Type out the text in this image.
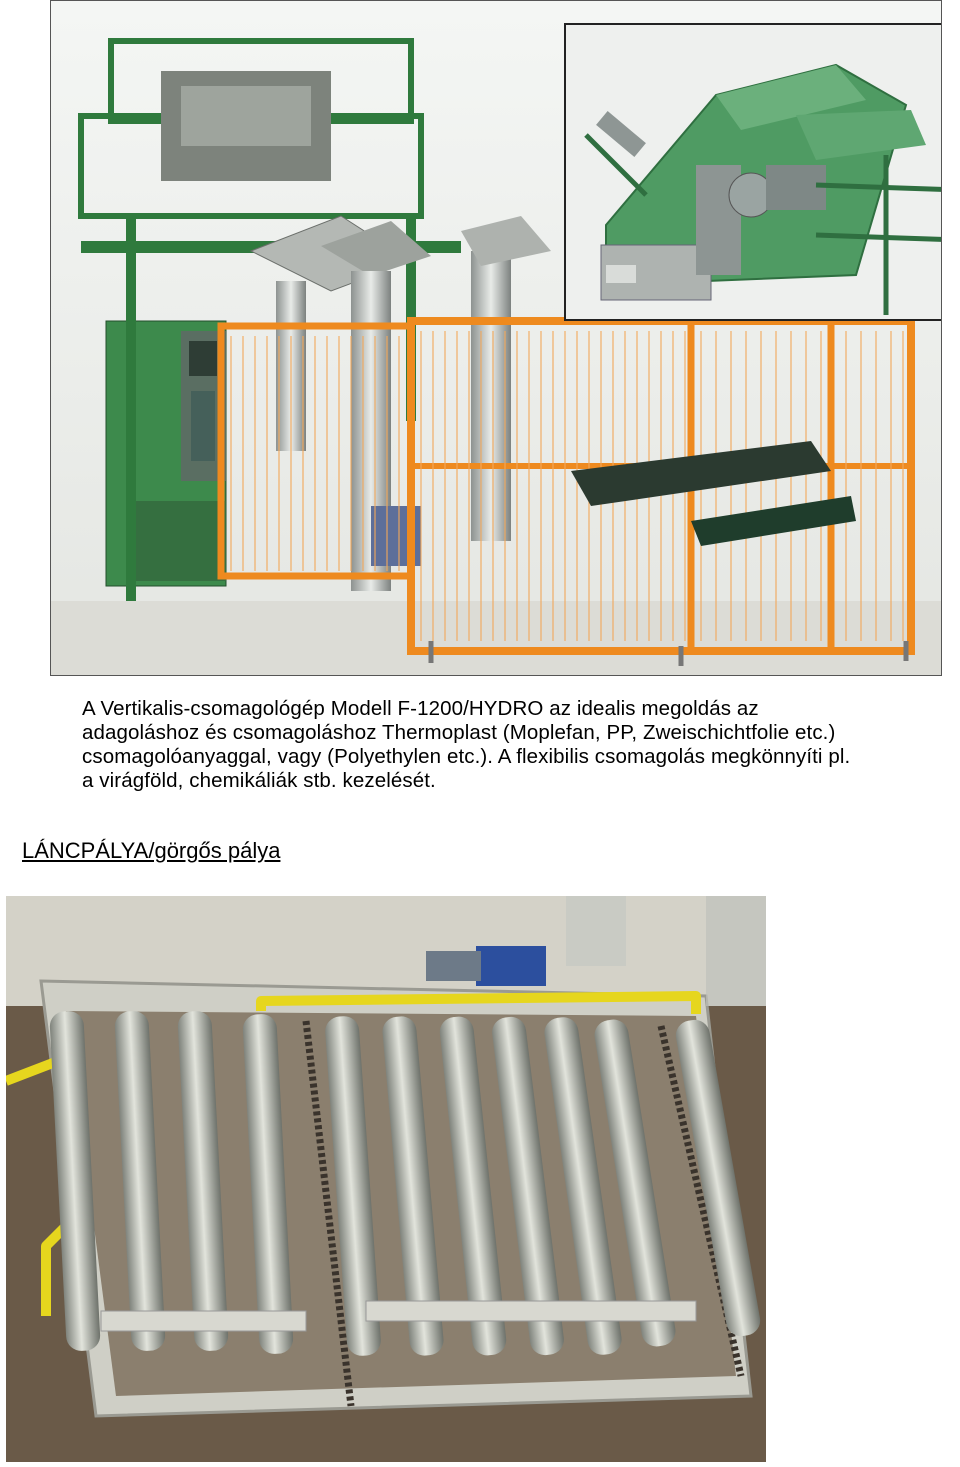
A Vertikalis-csomagológép Modell F-1200/HYDRO az idealis megoldás az
adagoláshoz és csomagoláshoz Thermoplast (Moplefan, PP, Zweischichtfolie etc.)
csomagolóanyaggal, vagy (Polyethylen etc.). A flexibilis csomagolás megkönnyíti pl.
a virágföld, chemikáliák stb. kezelését.
LÁNCPÁLYA/görgős pálya
